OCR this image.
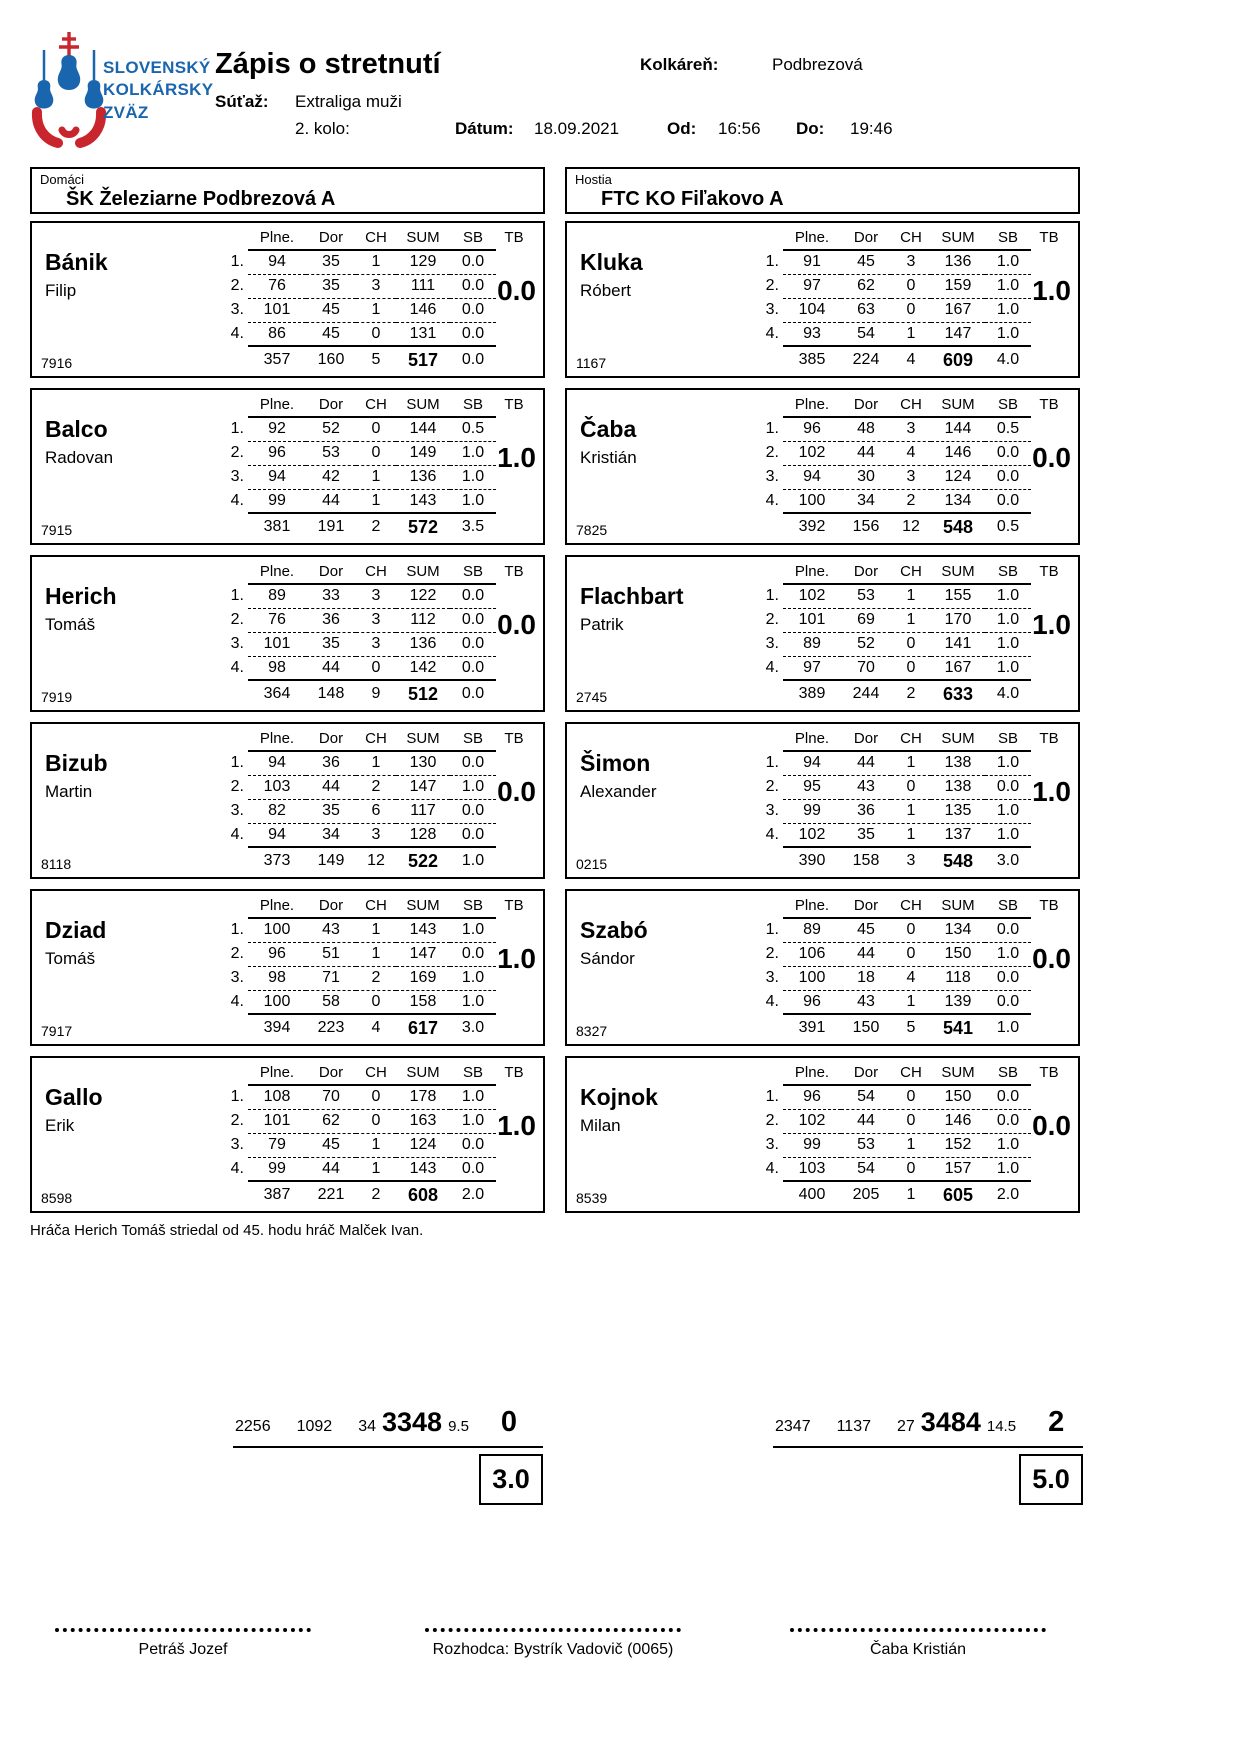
SLOVENSKÝ
KOLKÁRSKY
ZVÄZ
Zápis o stretnutí	Kolkáreň:	Podbrezová
Súťaž: Extraliga muži
2. kolo:	Dátum: 18.09.2021	Od: 16:56 Do: 19:46
Domáci
ŠK Železiarne Podbrezová A
Hostia
FTC KO Fiľakovo A
Bánik
Filip
7916
Plne.	Dor	CH	SUM	SB	TB
1.	94	35	1	129	0.0
2.	76	35	3	111	0.0
3.	101	45	1	146	0.0
4.	86	45	0	131	0.0
357	160	5	517	0.0
0.0
Balco
Radovan
7915
Plne.	Dor	CH	SUM	SB	TB
1.	92	52	0	144	0.5
2.	96	53	0	149	1.0
3.	94	42	1	136	1.0
4.	99	44	1	143	1.0
381	191	2	572	3.5
1.0
Herich
Tomáš
7919
Plne.	Dor	CH	SUM	SB	TB
1.	89	33	3	122	0.0
2.	76	36	3	112	0.0
3.	101	35	3	136	0.0
4.	98	44	0	142	0.0
364	148	9	512	0.0
0.0
Bizub
Martin
8118
Plne.	Dor	CH	SUM	SB	TB
1.	94	36	1	130	0.0
2.	103	44	2	147	1.0
3.	82	35	6	117	0.0
4.	94	34	3	128	0.0
373	149	12	522	1.0
0.0
Dziad
Tomáš
7917
Plne.	Dor	CH	SUM	SB	TB
1.	100	43	1	143	1.0
2.	96	51	1	147	0.0
3.	98	71	2	169	1.0
4.	100	58	0	158	1.0
394	223	4	617	3.0
1.0
Gallo
Erik
8598
Plne.	Dor	CH	SUM	SB	TB
1.	108	70	0	178	1.0
2.	101	62	0	163	1.0
3.	79	45	1	124	0.0
4.	99	44	1	143	0.0
387	221	2	608	2.0
1.0
Kluka
Róbert
1167
Plne.	Dor	CH	SUM	SB	TB
1.	91	45	3	136	1.0
2.	97	62	0	159	1.0
3.	104	63	0	167	1.0
4.	93	54	1	147	1.0
385	224	4	609	4.0
1.0
Čaba
Kristián
7825
Plne.	Dor	CH	SUM	SB	TB
1.	96	48	3	144	0.5
2.	102	44	4	146	0.0
3.	94	30	3	124	0.0
4.	100	34	2	134	0.0
392	156	12	548	0.5
0.0
Flachbart
Patrik
2745
Plne.	Dor	CH	SUM	SB	TB
1.	102	53	1	155	1.0
2.	101	69	1	170	1.0
3.	89	52	0	141	1.0
4.	97	70	0	167	1.0
389	244	2	633	4.0
1.0
Šimon
Alexander
0215
Plne.	Dor	CH	SUM	SB	TB
1.	94	44	1	138	1.0
2.	95	43	0	138	0.0
3.	99	36	1	135	1.0
4.	102	35	1	137	1.0
390	158	3	548	3.0
1.0
Szabó
Sándor
8327
Plne.	Dor	CH	SUM	SB	TB
1.	89	45	0	134	0.0
2.	106	44	0	150	1.0
3.	100	18	4	118	0.0
4.	96	43	1	139	0.0
391	150	5	541	1.0
0.0
Kojnok
Milan
8539
Plne.	Dor	CH	SUM	SB	TB
1.	96	54	0	150	0.0
2.	102	44	0	146	0.0
3.	99	53	1	152	1.0
4.	103	54	0	157	1.0
400	205	1	605	2.0
0.0
Hráča Herich Tomáš striedal od 45. hodu hráč Malček Ivan.
2256 1092 34 3348 9.5 0
3.0
2347 1137 27 3484 14.5 2
5.0
Petráš Jozef	Rozhodca: Bystrík Vadovič (0065)	Čaba Kristián
